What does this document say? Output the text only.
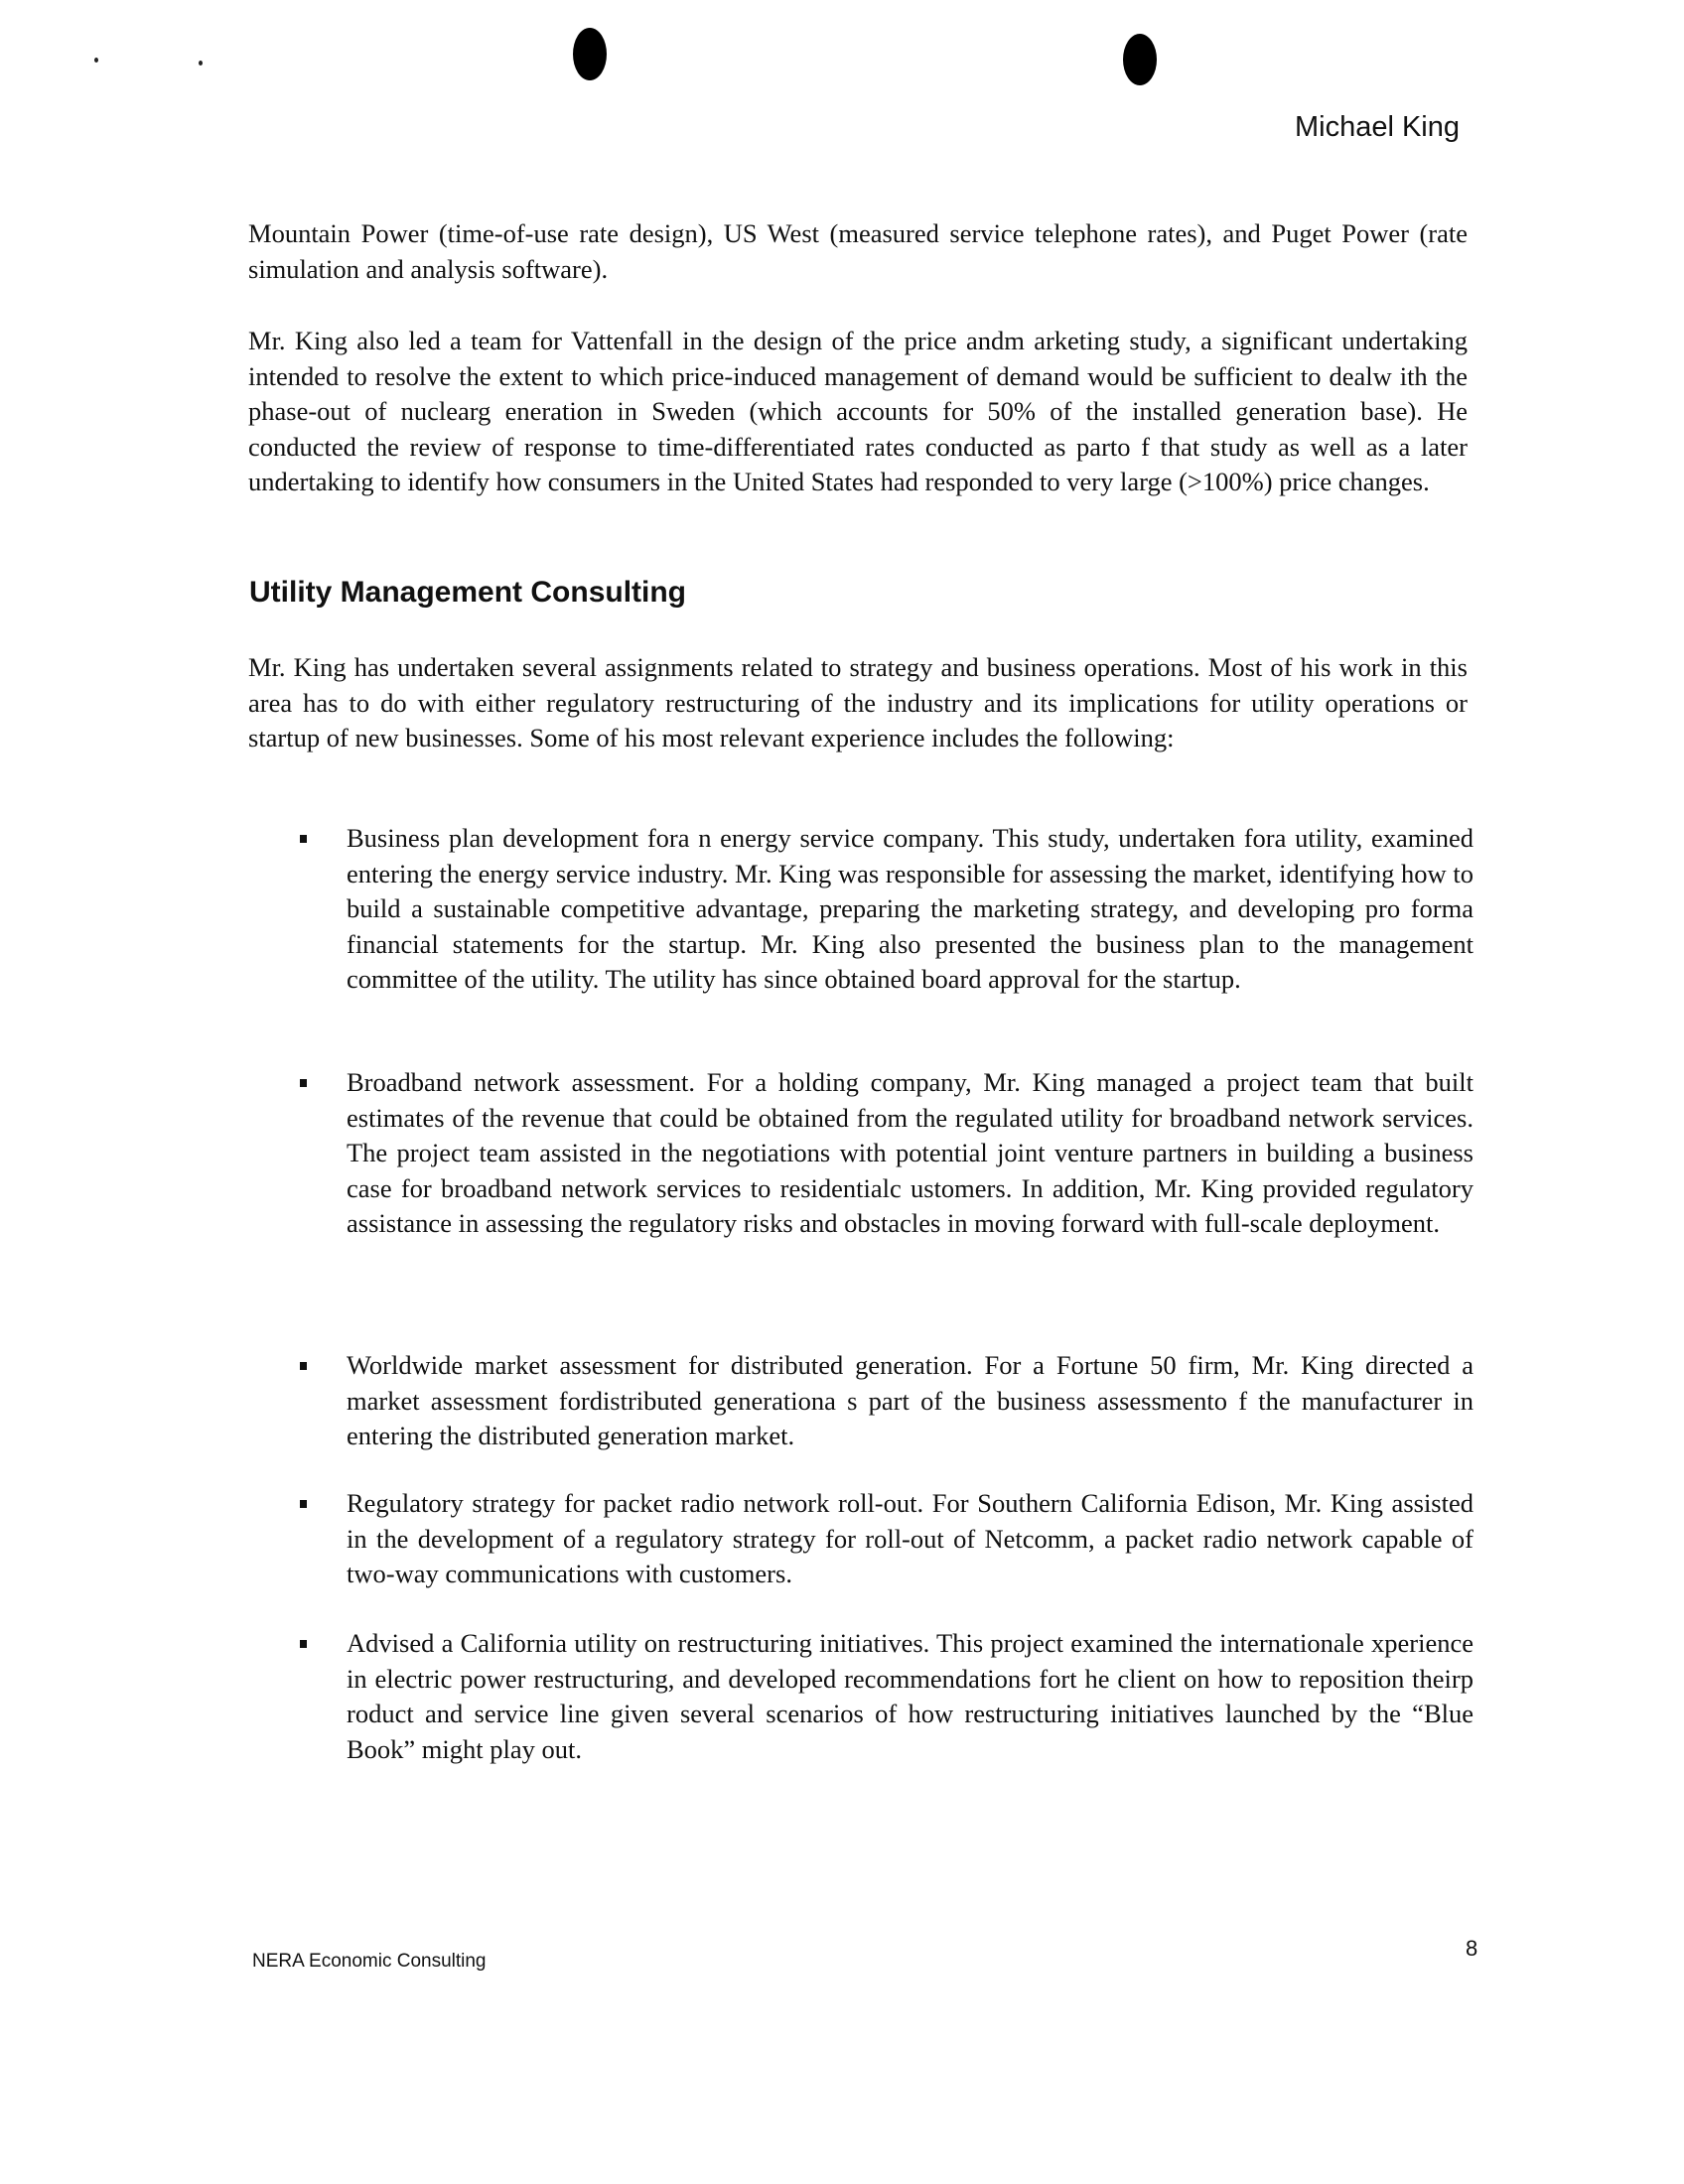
Michael King

Mountain Power (time-of-use rate design), US West (measured service telephone rates), and Puget Power (rate simulation and analysis software).

Mr. King also led a team for Vattenfall in the design of the price andm arketing study, a significant undertaking intended to resolve the extent to which price-induced management of demand would be sufficient to dealw ith the phase-out of nuclearg eneration in Sweden (which accounts for 50% of the installed generation base). He conducted the review of response to time-differentiated rates conducted as parto f that study as well as a later undertaking to identify how consumers in the United States had responded to very large (>100%) price changes.

Utility Management Consulting

Mr. King has undertaken several assignments related to strategy and business operations. Most of his work in this area has to do with either regulatory restructuring of the industry and its implications for utility operations or startup of new businesses. Some of his most relevant experience includes the following:

Business plan development fora n energy service company. This study, undertaken fora utility, examined entering the energy service industry. Mr. King was responsible for assessing the market, identifying how to build a sustainable competitive advantage, preparing the marketing strategy, and developing pro forma financial statements for the startup. Mr. King also presented the business plan to the management committee of the utility. The utility has since obtained board approval for the startup.
Broadband network assessment. For a holding company, Mr. King managed a project team that built estimates of the revenue that could be obtained from the regulated utility for broadband network services. The project team assisted in the negotiations with potential joint venture partners in building a business case for broadband network services to residentialc ustomers. In addition, Mr. King provided regulatory assistance in assessing the regulatory risks and obstacles in moving forward with full-scale deployment.
Worldwide market assessment for distributed generation. For a Fortune 50 firm, Mr. King directed a market assessment fordistributed generationa s part of the business assessmento f the manufacturer in entering the distributed generation market.
Regulatory strategy for packet radio network roll-out. For Southern California Edison, Mr. King assisted in the development of a regulatory strategy for roll-out of Netcomm, a packet radio network capable of two-way communications with customers.
Advised a California utility on restructuring initiatives. This project examined the internationale xperience in electric power restructuring, and developed recommendations fort he client on how to reposition theirp roduct and service line given several scenarios of how restructuring initiatives launched by the “Blue Book” might play out.
NERA Economic Consulting
8
